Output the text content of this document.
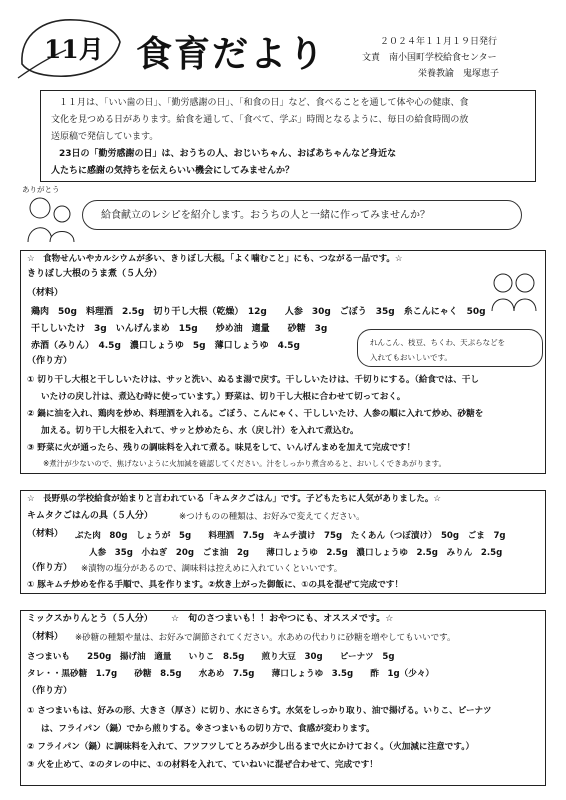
11月 食育だより	２０２４年１１月１９日発行
文責　南小国町学校給食センター
栄養教諭　鬼塚恵子
１１月は、「いい歯の日」、「勤労感謝の日」、「和食の日」など、食べることを通して体や心の健康、食
文化を見つめる日があります。給食を通して、「食べて、学ぶ」時間となるように、毎日の給食時間の放
送原稿で発信しています。
23日の「勤労感謝の日」は、おうちの人、おじいちゃん、おばあちゃんなど身近な
人たちに感謝の気持ちを伝えらいい機会にしてみませんか？
ありがとう
給食献立のレシピを紹介します。おうちの人と一緒に作ってみませんか？
☆　食物せんいやカルシウムが多い、きりぼし大根。「よく噛むこと」にも、つながる一品です。☆
きりぼし大根のうま煮（５人分）
（材料）
鶏肉　50g　料理酒　2.5g　切り干し大根（乾燥）　12g　　人参　30g　ごぼう　35g　糸こんにゃく　50g
干ししいたけ　3g　いんげんまめ　15g　　炒め油　適量　　砂糖　3g
赤酒（みりん）　4.5g　濃口しょうゆ　5g　薄口しょうゆ　4.5g	れんこん、枝豆、ちくわ、天ぷらなどを
入れてもおいしいです。
（作り方）
① 切り干し大根と干ししいたけは、サッと洗い、ぬるま湯で戻す。干ししいたけは、千切りにする。（給食では、干し
いたけの戻し汁は、煮込む時に使っています。）野菜は、切り干し大根に合わせて切っておく。
② 鍋に油を入れ、鶏肉を炒め、料理酒を入れる。ごぼう、こんにゃく、干ししいたけ、人参の順に入れて炒め、砂糖を
加える。切り干し大根を入れて、サッと炒めたら、水（戻し汁）を入れて煮込む。
③ 野菜に火が通ったら、残りの調味料を入れて煮る。味見をして、いんげんまめを加えて完成です！
※煮汁が少ないので、焦げないように火加減を確認してください。汁をしっかり煮含めると、おいしくできあがります。
☆　長野県の学校給食が始まりと言われている「キムタクごはん」です。子どもたちに人気がありました。☆
キムタクごはんの具（５人分）	※つけものの種類は、お好みで変えてください。
（材料） ぶた肉　80g　しょうが　5g　　料理酒　7.5g　キムチ漬け　75g　たくあん（つぼ漬け）　50g　ごま　7g
人参　35g　小ねぎ　20g　ごま油　2g　　薄口しょうゆ　2.5g　濃口しょうゆ　2.5g　みりん　2.5g
（作り方） ※漬物の塩分があるので、調味料は控えめに入れていくといいです。
① 豚キムチ炒めを作る手順で、具を作ります。②炊き上がった御飯に、①の具を混ぜて完成です！
ミックスかりんとう（５人分） ☆　旬のさつまいも！！おやつにも、オススメです。☆
（材料） ※砂糖の種類や量は、お好みで調節されてください。水あめの代わりに砂糖を増やしてもいいです。
さつまいも　　250g　揚げ油　適量　　いりこ　8.5g　　煎り大豆　30g　　ピーナツ　5g
タレ・・黒砂糖　1.7g　　砂糖　8.5g　　水あめ　7.5g　　薄口しょうゆ　3.5g　　酢　1g（少々）
（作り方）
① さつまいもは、好みの形、大きさ（厚さ）に切り、水にさらす。水気をしっかり取り、油で揚げる。いりこ、ピーナツ
は、フライパン（鍋）でから煎りする。※さつまいもの切り方で、食感が変わります。
② フライパン（鍋）に調味料を入れて、フツフツしてとろみが少し出るまで火にかけておく。（火加減に注意です。）
③ 火を止めて、②のタレの中に、①の材料を入れて、ていねいに混ぜ合わせて、完成です！
